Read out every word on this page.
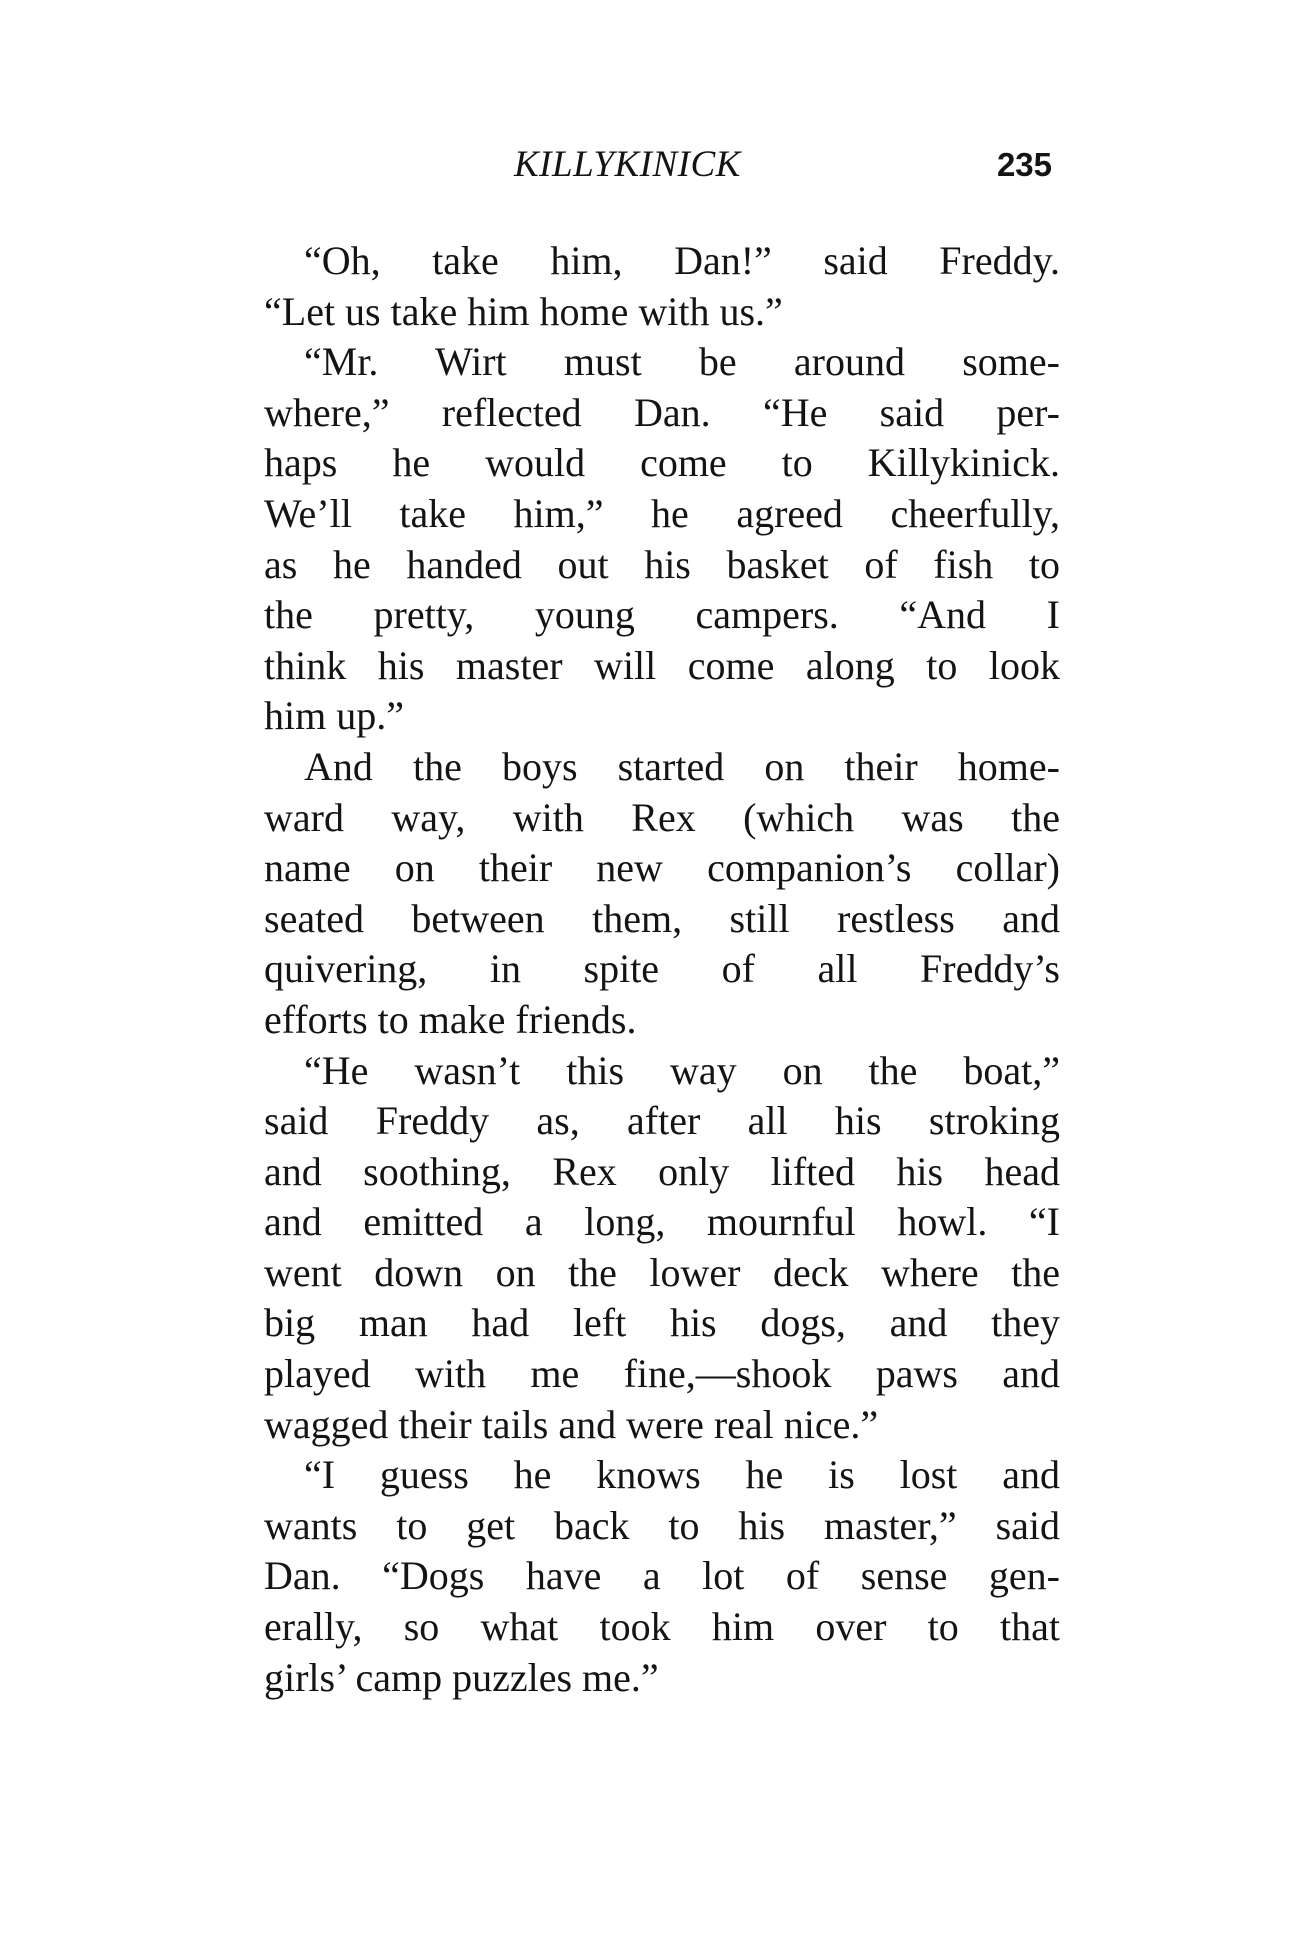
KILLYKINICK	235
“Oh, take him, Dan!” said Freddy.
“Let us take him home with us.”
“Mr. Wirt must be around some-
where,” reflected Dan. “He said per-
haps he would come to Killykinick.
We’ll take him,” he agreed cheerfully,
as he handed out his basket of fish to
the pretty, young campers. “And I
think his master will come along to look
him up.”
And the boys started on their home-
ward way, with Rex (which was the
name on their new companion’s collar)
seated between them, still restless and
quivering, in spite of all Freddy’s
efforts to make friends.
“He wasn’t this way on the boat,”
said Freddy as, after all his stroking
and soothing, Rex only lifted his head
and emitted a long, mournful howl. “I
went down on the lower deck where the
big man had left his dogs, and they
played with me fine,—shook paws and
wagged their tails and were real nice.”
“I guess he knows he is lost and
wants to get back to his master,” said
Dan. “Dogs have a lot of sense gen-
erally, so what took him over to that
girls’ camp puzzles me.”
